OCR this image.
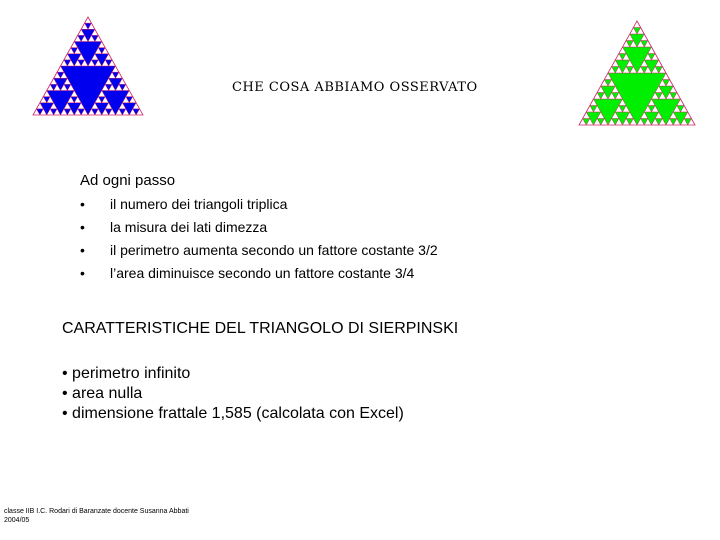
CHE COSA ABBIAMO OSSERVATO
Ad ogni passo
•	il numero dei triangoli triplica
•	la misura dei lati dimezza
•	il perimetro aumenta secondo un fattore costante 3/2
•	l’area diminuisce secondo un fattore costante 3/4
CARATTERISTICHE DEL TRIANGOLO DI SIERPINSKI
• perimetro infinito
• area nulla
• dimensione frattale 1,585 (calcolata con Excel)
classe IIB I.C. Rodari di Baranzate docente Susanna Abbati
2004/05
